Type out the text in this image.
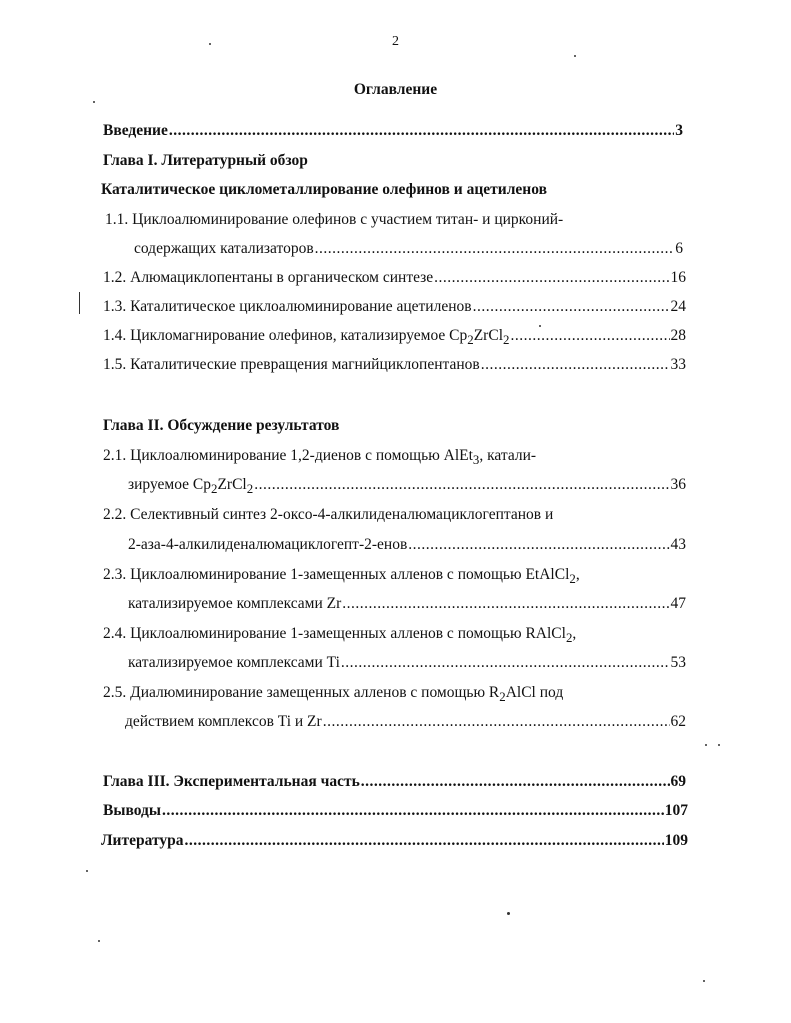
2
Оглавление
Введение .....	3
Глава I. Литературный обзор
Каталитическое циклометаллирование олефинов и ацетиленов
1.1. Циклоалюминирование олефинов с участием титан- и цирконий-
содержащих катализаторов .....	6
1.2. Алюмациклопентаны в органическом синтезе .....	16
1.3. Каталитическое циклоалюминирование ацетиленов .....	24
1.4. Цикломагнирование олефинов, катализируемое $Cp_2ZrCl_2$ .....	28
1.5. Каталитические превращения магнийциклопентанов .....	33
Глава II. Обсуждение результатов
2.1. Циклоалюминирование 1,2-диенов с помощью AlEt$_3$, катали-
зируемое $Cp_2ZrCl_2$ .....	36
2.2. Селективный синтез 2-оксо-4-алкилиденалюмациклогептанов и
2-аза-4-алкилиденалюмациклогепт-2-енов .....	43
2.3. Циклоалюминирование 1-замещенных алленов с помощью EtAlCl$_2$,
катализируемое комплексами Zr .....	47
2.4. Циклоалюминирование 1-замещенных алленов с помощью RAlCl$_2$,
катализируемое комплексами Ti .....	53
2.5. Диалюминирование замещенных алленов с помощью $R_2AlCl$ под
действием комплексов Ti и Zr .....	62
Глава III. Экспериментальная часть .....	69
Выводы .....	107
Литература .....	109
